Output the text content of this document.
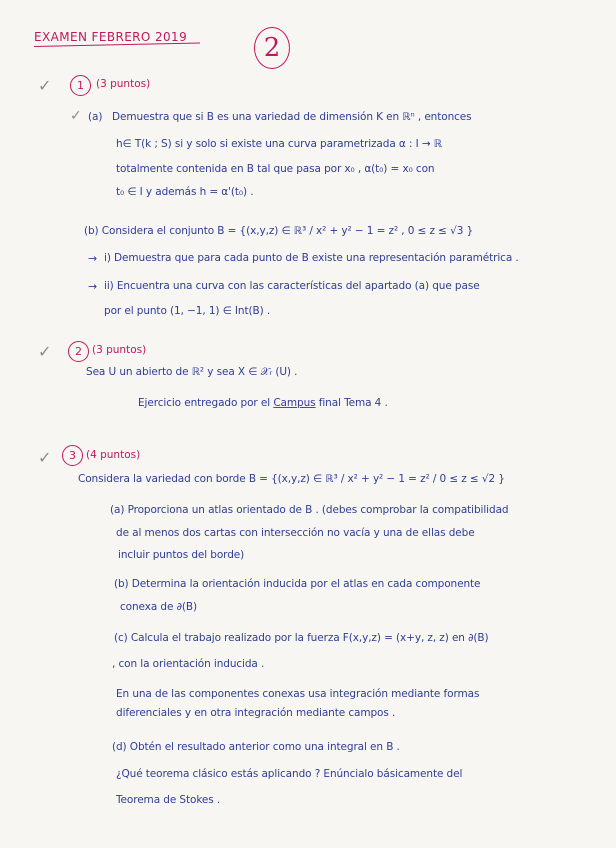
EXAMEN FEBRERO 2019	2
✓ 1 (3 puntos)
✓ (a) Demuestra que si B es una variedad de dimensión K en ℝⁿ , entonces
h∈ T(k ; S) si y solo si existe una curva parametrizada α : I → ℝ
totalmente contenida en B tal que pasa por x₀ , α(t₀) = x₀ con
t₀ ∈ I y además h = α'(t₀) .
(b) Considera el conjunto B = {(x,y,z) ∈ ℝ³ / x² + y² − 1 = z² , 0 ≤ z ≤ √3 }
→ i) Demuestra que para cada punto de B existe una representación paramétrica .
→ ii) Encuentra una curva con las características del apartado (a) que pase
por el punto (1, −1, 1) ∈ Int(B) .
✓ 2 (3 puntos)
Sea U un abierto de ℝ² y sea X ∈ 𝒳ᵣ (U) .
Ejercicio entregado por el Campus final Tema 4 .
✓ 3 (4 puntos)
Considera la variedad con borde B = {(x,y,z) ∈ ℝ³ / x² + y² − 1 = z² / 0 ≤ z ≤ √2 }
(a) Proporciona un atlas orientado de B . (debes comprobar la compatibilidad
de al menos dos cartas con intersección no vacía y una de ellas debe
incluir puntos del borde)
(b) Determina la orientación inducida por el atlas en cada componente
conexa de ∂(B)
(c) Calcula el trabajo realizado por la fuerza F(x,y,z) = (x+y, z, z) en ∂(B)
, con la orientación inducida .
En una de las componentes conexas usa integración mediante formas
diferenciales y en otra integración mediante campos .
(d) Obtén el resultado anterior como una integral en B .
¿Qué teorema clásico estás aplicando ? Enúncialo básicamente del
Teorema de Stokes .
